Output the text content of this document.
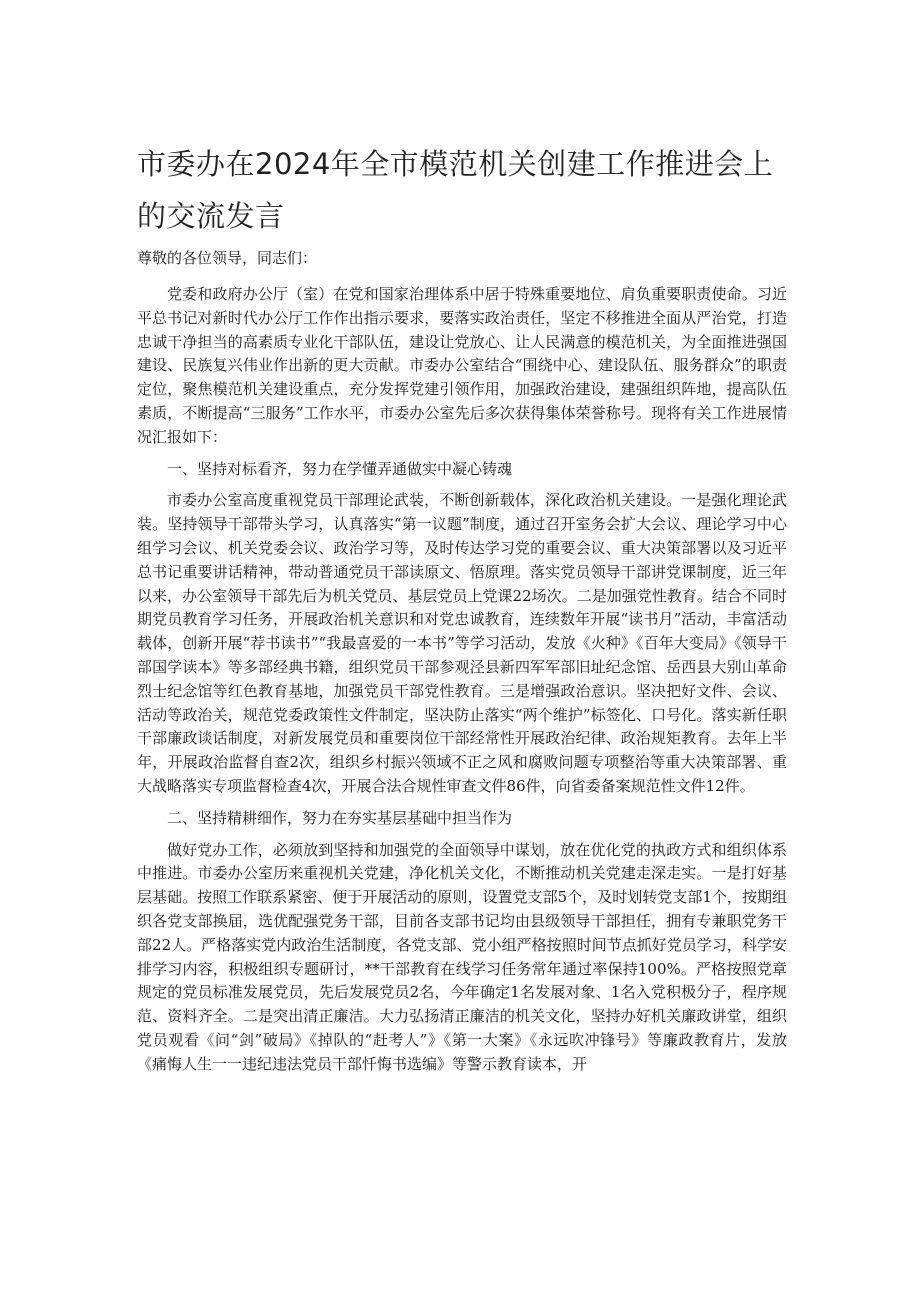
市委办在2024年全市模范机关创建工作推进会上的交流发言

尊敬的各位领导，同志们：

党委和政府办公厅（室）在党和国家治理体系中居于特殊重要地位、肩负重要职责使命。习近平总书记对新时代办公厅工作作出指示要求，要落实政治责任，坚定不移推进全面从严治党，打造忠诚干净担当的高素质专业化干部队伍，建设让党放心、让人民满意的模范机关，为全面推进强国建设、民族复兴伟业作出新的更大贡献。市委办公室结合“围绕中心、建设队伍、服务群众”的职责定位，聚焦模范机关建设重点，充分发挥党建引领作用，加强政治建设，建强组织阵地，提高队伍素质，不断提高“三服务”工作水平，市委办公室先后多次获得集体荣誉称号。现将有关工作进展情况汇报如下：

一、坚持对标看齐，努力在学懂弄通做实中凝心铸魂

市委办公室高度重视党员干部理论武装，不断创新载体，深化政治机关建设。一是强化理论武装。坚持领导干部带头学习，认真落实“第一议题”制度，通过召开室务会扩大会议、理论学习中心组学习会议、机关党委会议、政治学习等，及时传达学习党的重要会议、重大决策部署以及习近平总书记重要讲话精神，带动普通党员干部读原文、悟原理。落实党员领导干部讲党课制度，近三年以来，办公室领导干部先后为机关党员、基层党员上党课22场次。二是加强党性教育。结合不同时期党员教育学习任务，开展政治机关意识和对党忠诚教育，连续数年开展“读书月”活动，丰富活动载体，创新开展“荐书读书”“我最喜爱的一本书”等学习活动，发放《火种》《百年大变局》《领导干部国学读本》等多部经典书籍，组织党员干部参观泾县新四军军部旧址纪念馆、岳西县大别山革命烈士纪念馆等红色教育基地，加强党员干部党性教育。三是增强政治意识。坚决把好文件、会议、活动等政治关，规范党委政策性文件制定，坚决防止落实“两个维护”标签化、口号化。落实新任职干部廉政谈话制度，对新发展党员和重要岗位干部经常性开展政治纪律、政治规矩教育。去年上半年，开展政治监督自查2次，组织乡村振兴领域不正之风和腐败问题专项整治等重大决策部署、重大战略落实专项监督检查4次，开展合法合规性审查文件86件，向省委备案规范性文件12件。

二、坚持精耕细作，努力在夯实基层基础中担当作为

做好党办工作，必须放到坚持和加强党的全面领导中谋划，放在优化党的执政方式和组织体系中推进。市委办公室历来重视机关党建，净化机关文化，不断推动机关党建走深走实。一是打好基层基础。按照工作联系紧密、便于开展活动的原则，设置党支部5个，及时划转党支部1个，按期组织各党支部换届，选优配强党务干部，目前各支部书记均由县级领导干部担任，拥有专兼职党务干部22人。严格落实党内政治生活制度，各党支部、党小组严格按照时间节点抓好党员学习，科学安排学习内容，积极组织专题研讨，**干部教育在线学习任务常年通过率保持100%。严格按照党章规定的党员标准发展党员，先后发展党员2名，今年确定1名发展对象、1名入党积极分子，程序规范、资料齐全。二是突出清正廉洁。大力弘扬清正廉洁的机关文化，坚持办好机关廉政讲堂，组织党员观看《问“剑”破局》《掉队的“赶考人”》《第一大案》《永远吹冲锋号》等廉政教育片，发放《痛悔人生一一违纪违法党员干部忏悔书选编》等警示教育读本，开
